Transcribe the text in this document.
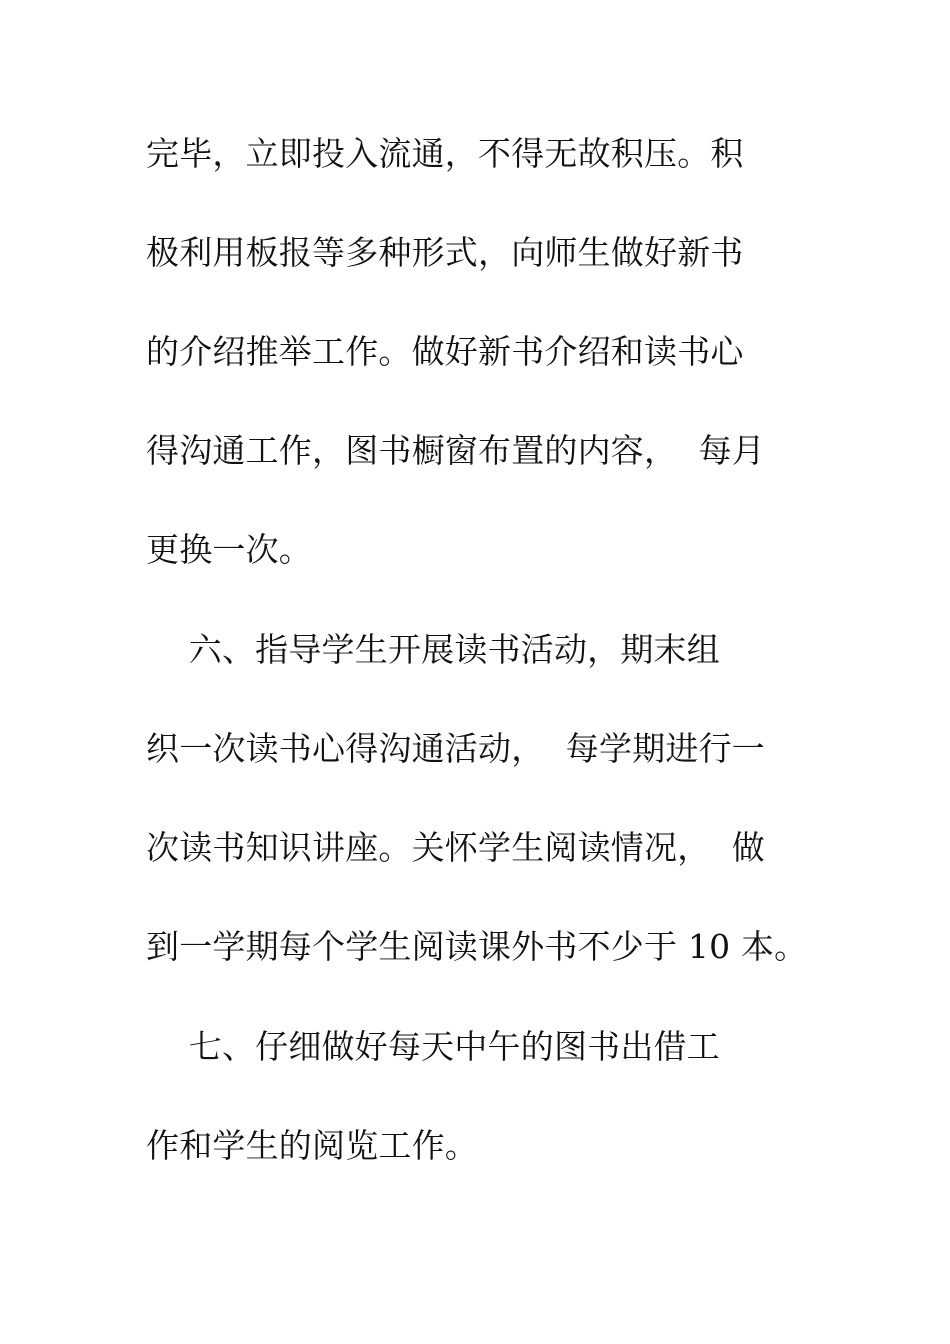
完毕，立即投入流通，不得无故积压。积

极利用板报等多种形式，向师生做好新书

的介绍推举工作。做好新书介绍和读书心

得沟通工作，图书橱窗布置的内容，  每月

更换一次。

六、指导学生开展读书活动，期末组

织一次读书心得沟通活动，  每学期进行一

次读书知识讲座。关怀学生阅读情况，  做

到一学期每个学生阅读课外书不少于 10 本。

七、仔细做好每天中午的图书出借工

作和学生的阅览工作。
